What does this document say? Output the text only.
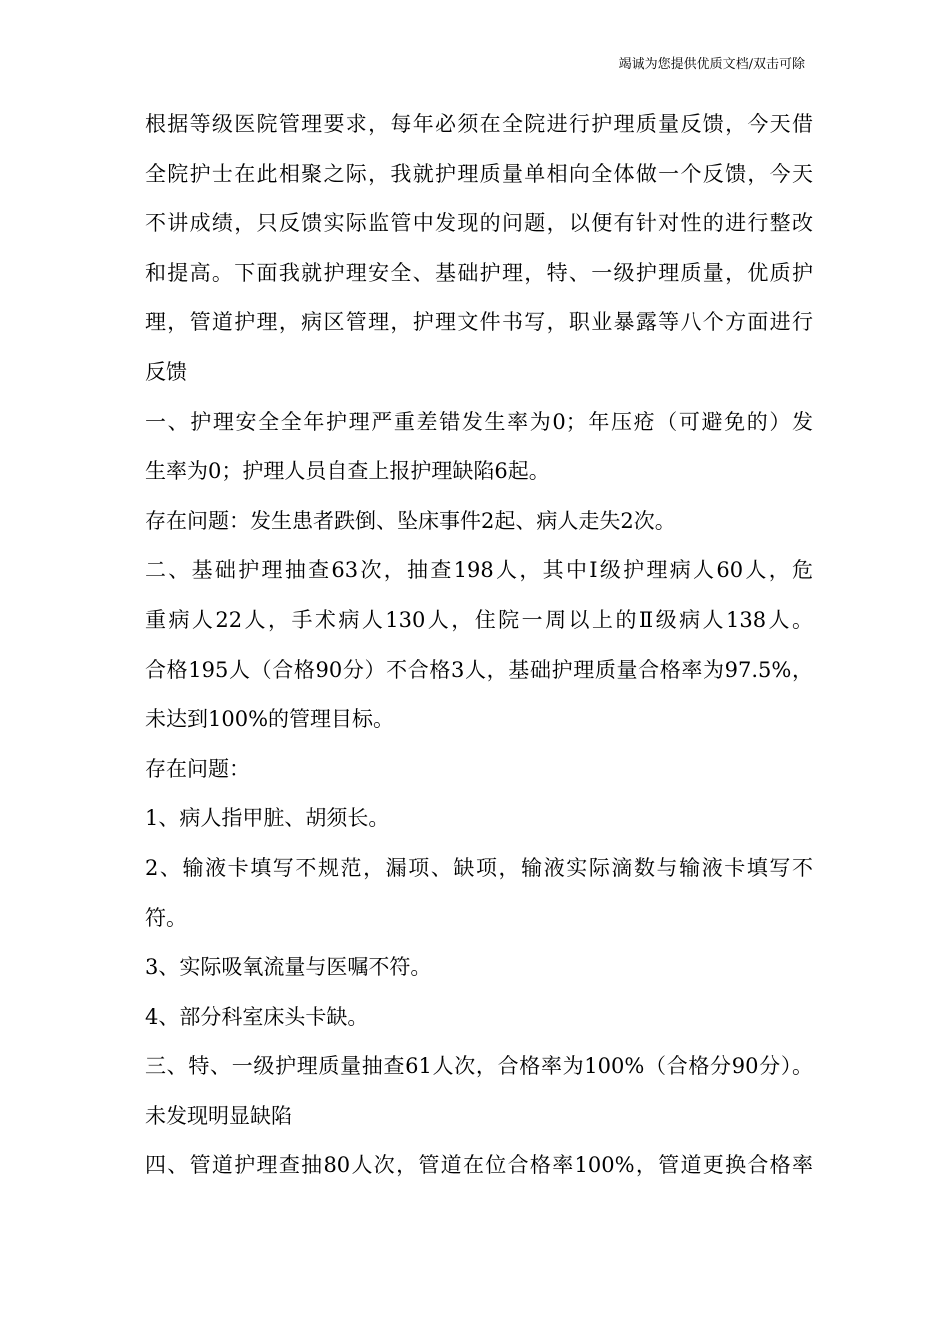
竭诚为您提供优质文档/双击可除
根据等级医院管理要求，每年必须在全院进行护理质量反馈，今天借
全院护士在此相聚之际，我就护理质量单相向全体做一个反馈，今天
不讲成绩，只反馈实际监管中发现的问题，以便有针对性的进行整改
和提高。下面我就护理安全、基础护理，特、一级护理质量，优质护
理，管道护理，病区管理，护理文件书写，职业暴露等八个方面进行
反馈
一、护理安全全年护理严重差错发生率为0；年压疮（可避免的）发
生率为0；护理人员自查上报护理缺陷6起。
存在问题：发生患者跌倒、坠床事件2起、病人走失2次。
二、基础护理抽查63次，抽查198人，其中Ⅰ级护理病人60人，危
重病人22人，手术病人130人，住院一周以上的Ⅱ级病人138人。
合格195人（合格90分）不合格3人，基础护理质量合格率为97.5%，
未达到100%的管理目标。
存在问题：
1、病人指甲脏、胡须长。
2、输液卡填写不规范，漏项、缺项，输液实际滴数与输液卡填写不
符。
3、实际吸氧流量与医嘱不符。
4、部分科室床头卡缺。
三、特、一级护理质量抽查61人次，合格率为100%（合格分90分）。
未发现明显缺陷
四、管道护理查抽80人次，管道在位合格率100%，管道更换合格率
